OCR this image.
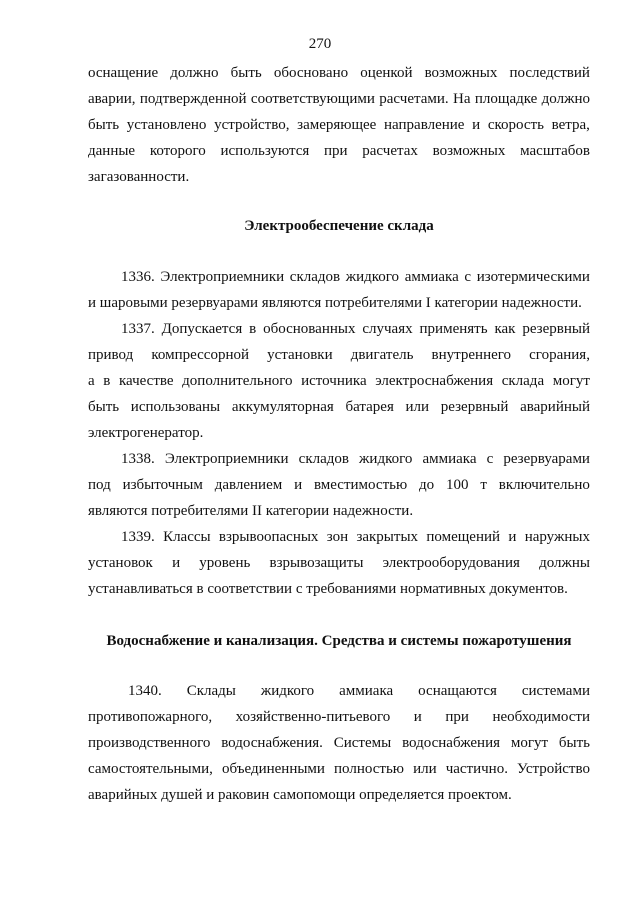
270

оснащение должно быть обосновано оценкой возможных последствий
аварии, подтвержденной соответствующими расчетами. На площадке должно
быть установлено устройство, замеряющее направление и скорость ветра,
данные которого используются при расчетах возможных масштабов
загазованности.

Электрообеспечение склада

1336. Электроприемники складов жидкого аммиака с изотермическими
и шаровыми резервуарами являются потребителями I категории надежности.

1337. Допускается в обоснованных случаях применять как резервный
привод компрессорной установки двигатель внутреннего сгорания,
а в качестве дополнительного источника электроснабжения склада могут
быть использованы аккумуляторная батарея или резервный аварийный
электрогенератор.

1338. Электроприемники складов жидкого аммиака с резервуарами
под избыточным давлением и вместимостью до 100 т включительно
являются потребителями II категории надежности.

1339. Классы взрывоопасных зон закрытых помещений и наружных
установок и уровень взрывозащиты электрооборудования должны
устанавливаться в соответствии с требованиями нормативных документов.

Водоснабжение и канализация. Средства и системы пожаротушения

1340. Склады жидкого аммиака оснащаются системами
противопожарного, хозяйственно-питьевого и при необходимости
производственного водоснабжения. Системы водоснабжения могут быть
самостоятельными, объединенными полностью или частично. Устройство
аварийных душей и раковин самопомощи определяется проектом.
